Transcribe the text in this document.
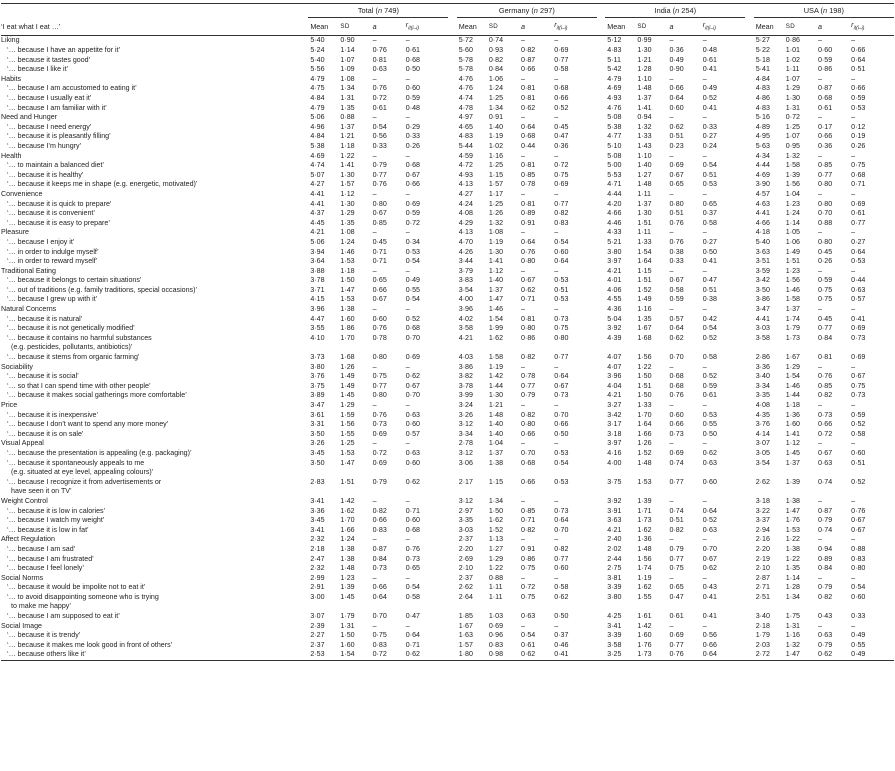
	Total (n 749)					Germany (n 297)					India (n 254)					USA (n 198)			
‘I eat what I eat …’	Mean	SD	a	$r_{it(i-i)}$		Mean	SD	a	$r_{it(i-i)}$		Mean	SD	a	$r_{it(i-i)}$		Mean	SD	a	$r_{it(i-i)}$
Liking	5·40	0·90	–	–		5·72	0·74	–	–		5·12	0·99	–	–		5·27	0·86	–	–
‘… because I have an appetite for it’	5·24	1·14	0·76	0·61		5·60	0·93	0·82	0·69		4·83	1·30	0·36	0·48		5·22	1·01	0·60	0·66
‘… because it tastes good’	5·40	1·07	0·81	0·68		5·78	0·82	0·87	0·77		5·11	1·21	0·49	0·61		5·18	1·02	0·59	0·64
‘… because I like it’	5·56	1·09	0·63	0·50		5·78	0·84	0·66	0·58		5·42	1·28	0·90	0·41		5·41	1·11	0·86	0·51
Habits	4·79	1·08	–	–		4·76	1·06	–	–		4·79	1·10	–	–		4·84	1·07	–	–
‘… because I am accustomed to eating it’	4·75	1·34	0·76	0·60		4·76	1·24	0·81	0·68		4·69	1·48	0·66	0·49		4·83	1·29	0·87	0·66
‘… because I usually eat it’	4·84	1·31	0·72	0·59		4·74	1·25	0·81	0·66		4·93	1·37	0·64	0·52		4·86	1·30	0·68	0·59
‘… because I am familiar with it’	4·79	1·35	0·61	0·48		4·78	1·34	0·62	0·52		4·76	1·41	0·60	0·41		4·83	1·31	0·61	0·53
Need and Hunger	5·06	0·88	–	–		4·97	0·91	–	–		5·08	0·94	–	–		5·16	0·72	–	–
‘… because I need energy’	4·96	1·37	0·54	0·29		4·65	1·40	0·64	0·45		5·38	1·32	0·62	0·33		4·89	1·25	0·17	0·12
‘… because it is pleasantly filling’	4·84	1·21	0·56	0·33		4·83	1·19	0·68	0·47		4·77	1·33	0·51	0·27		4·95	1·07	0·66	0·19
‘… because I’m hungry’	5·38	1·18	0·33	0·26		5·44	1·02	0·44	0·36		5·10	1·43	0·23	0·24		5·63	0·95	0·36	0·26
Health	4·69	1·22	–	–		4·59	1·16	–	–		5·08	1·10	–	–		4·34	1·32	–	–
‘… to maintain a balanced diet’	4·74	1·41	0·79	0·68		4·72	1·25	0·81	0·72		5·00	1·40	0·69	0·54		4·44	1·58	0·85	0·75
‘… because it is healthy’	5·07	1·30	0·77	0·67		4·93	1·15	0·85	0·75		5·53	1·27	0·67	0·51		4·69	1·39	0·77	0·68
‘… because it keeps me in shape (e.g. energetic, motivated)’	4·27	1·57	0·76	0·66		4·13	1·57	0·78	0·69		4·71	1·48	0·65	0·53		3·90	1·56	0·80	0·71
Convenience	4·41	1·12	–	–		4·27	1·17	–	–		4·44	1·11	–	–		4·57	1·04	–	–
‘… because it is quick to prepare’	4·41	1·30	0·80	0·69		4·24	1·25	0·81	0·77		4·20	1·37	0·80	0·65		4·63	1·23	0·80	0·69
‘… because it is convenient’	4·37	1·29	0·67	0·59		4·08	1·26	0·89	0·82		4·66	1·30	0·51	0·37		4·41	1·24	0·70	0·61
‘… because it is easy to prepare’	4·45	1·35	0·85	0·72		4·29	1·32	0·91	0·83		4·46	1·51	0·76	0·58		4·66	1·14	0·88	0·77
Pleasure	4·21	1·08	–	–		4·13	1·08	–	–		4·33	1·11	–	–		4·18	1·05	–	–
‘… because I enjoy it’	5·06	1·24	0·45	0·34		4·70	1·19	0·64	0·54		5·21	1·33	0·76	0·27		5·40	1·06	0·80	0·27
‘… in order to indulge myself’	3·94	1·46	0·71	0·53		4·26	1·30	0·76	0·60		3·80	1·54	0·38	0·50		3·63	1·49	0·45	0·64
‘… in order to reward myself’	3·64	1·53	0·71	0·54		3·44	1·41	0·80	0·64		3·97	1·64	0·33	0·41		3·51	1·51	0·26	0·53
Traditional Eating	3·88	1·18	–	–		3·79	1·12	–	–		4·21	1·15	–	–		3·59	1·23	–	–
‘… because it belongs to certain situations’	3·78	1·50	0·65	0·49		3·83	1·40	0·67	0·53		4·01	1·51	0·67	0·47		3·42	1·56	0·59	0·44
‘… out of traditions (e.g. family traditions, special occasions)’	3·71	1·47	0·66	0·55		3·54	1·37	0·62	0·51		4·06	1·52	0·58	0·51		3·50	1·46	0·75	0·63
‘… because I grew up with it’	4·15	1·53	0·67	0·54		4·00	1·47	0·71	0·53		4·55	1·49	0·59	0·38		3·86	1·58	0·75	0·57
Natural Concerns	3·96	1·38	–	–		3·96	1·46	–	–		4·36	1·16	–	–		3·47	1·37	–	–
‘… because it is natural’	4·47	1·60	0·60	0·52		4·02	1·54	0·81	0·73		5·04	1·35	0·57	0·42		4·41	1·74	0·45	0·41
‘… because it is not genetically modified’	3·55	1·86	0·76	0·68		3·58	1·99	0·80	0·75		3·92	1·67	0·64	0·54		3·03	1·79	0·77	0·69
‘… because it contains no harmful substances	4·10	1·70	0·78	0·70		4·21	1·62	0·86	0·80		4·39	1·68	0·62	0·52		3·58	1·73	0·84	0·73
(e.g. pesticides, pollutants, antibiotics)’																			
‘… because it stems from organic farming’	3·73	1·68	0·80	0·69		4·03	1·58	0·82	0·77		4·07	1·56	0·70	0·58		2·86	1·67	0·81	0·69
Sociability	3·80	1·26	–	–		3·86	1·19	–	–		4·07	1·22	–	–		3·36	1·29	–	–
‘… because it is social’	3·76	1·49	0·75	0·62		3·82	1·42	0·78	0·64		3·96	1·50	0·68	0·52		3·40	1·54	0·76	0·67
‘… so that I can spend time with other people’	3·75	1·49	0·77	0·67		3·78	1·44	0·77	0·67		4·04	1·51	0·68	0·59		3·34	1·46	0·85	0·75
‘… because it makes social gatherings more comfortable’	3·89	1·45	0·80	0·70		3·99	1·30	0·79	0·73		4·21	1·50	0·76	0·61		3·35	1·44	0·82	0·73
Price	3·47	1·29	–	–		3·24	1·21	–	–		3·27	1·33	–	–		4·08	1·18	–	–
‘… because it is inexpensive’	3·61	1·59	0·76	0·63		3·26	1·48	0·82	0·70		3·42	1·70	0·60	0·53		4·35	1·36	0·73	0·59
‘… because I don’t want to spend any more money’	3·31	1·56	0·73	0·60		3·12	1·40	0·80	0·66		3·17	1·64	0·66	0·55		3·76	1·60	0·66	0·52
‘… because it is on sale’	3·50	1·55	0·69	0·57		3·34	1·40	0·66	0·50		3·18	1·66	0·73	0·50		4·14	1·41	0·72	0·58
Visual Appeal	3·26	1·25	–	–		2·78	1·04	–	–		3·97	1·26	–	–		3·07	1·12	–	–
‘… because the presentation is appealing (e.g. packaging)’	3·45	1·53	0·72	0·63		3·12	1·37	0·70	0·53		4·16	1·52	0·69	0·62		3·05	1·45	0·67	0·60
‘… because it spontaneously appeals to me	3·50	1·47	0·69	0·60		3·06	1·38	0·68	0·54		4·00	1·48	0·74	0·63		3·54	1·37	0·63	0·51
(e.g. situated at eye level, appealing colours)’																			
‘… because I recognize it from advertisements or	2·83	1·51	0·79	0·62		2·17	1·15	0·66	0·53		3·75	1·53	0·77	0·60		2·62	1·39	0·74	0·52
have seen it on TV’																			
Weight Control	3·41	1·42	–	–		3·12	1·34	–	–		3·92	1·39	–	–		3·18	1·38	–	–
‘… because it is low in calories’	3·36	1·62	0·82	0·71		2·97	1·50	0·85	0·73		3·91	1·71	0·74	0·64		3·22	1·47	0·87	0·76
‘… because I watch my weight’	3·45	1·70	0·66	0·60		3·35	1·62	0·71	0·64		3·63	1·73	0·51	0·52		3·37	1·76	0·79	0·67
‘… because it is low in fat’	3·41	1·66	0·83	0·68		3·03	1·52	0·82	0·70		4·21	1·62	0·82	0·63		2·94	1·53	0·74	0·67
Affect Regulation	2·32	1·24	–	–		2·37	1·13	–	–		2·40	1·36	–	–		2·16	1·22	–	–
‘… because I am sad’	2·18	1·38	0·87	0·76		2·20	1·27	0·91	0·82		2·02	1·48	0·79	0·70		2·20	1·38	0·94	0·88
‘… because I am frustrated’	2·47	1·38	0·84	0·73		2·69	1·29	0·86	0·77		2·44	1·56	0·77	0·67		2·19	1·22	0·89	0·83
‘… because I feel lonely’	2·32	1·48	0·73	0·65		2·10	1·22	0·75	0·60		2·75	1·74	0·75	0·62		2·10	1·35	0·84	0·80
Social Norms	2·99	1·23	–	–		2·37	0·88	–	–		3·81	1·19	–	–		2·87	1·14	–	–
‘… because it would be impolite not to eat it’	2·91	1·39	0·66	0·54		2·62	1·11	0·72	0·58		3·39	1·62	0·65	0·43		2·71	1·28	0·79	0·54
‘… to avoid disappointing someone who is trying	3·00	1·45	0·64	0·58		2·64	1·11	0·75	0·62		3·80	1·55	0·47	0·41		2·51	1·34	0·82	0·60
to make me happy’																			
‘… because I am supposed to eat it’	3·07	1·79	0·70	0·47		1·85	1·03	0·63	0·50		4·25	1·61	0·61	0·41		3·40	1·75	0·43	0·33
Social Image	2·39	1·31	–	–		1·67	0·69	–	–		3·41	1·42	–	–		2·18	1·31	–	–
‘… because it is trendy’	2·27	1·50	0·75	0·64		1·63	0·96	0·54	0·37		3·39	1·60	0·69	0·56		1·79	1·16	0·63	0·49
‘… because it makes me look good in front of others’	2·37	1·60	0·83	0·71		1·57	0·83	0·61	0·46		3·58	1·76	0·77	0·66		2·03	1·32	0·79	0·55
‘… because others like it’	2·53	1·54	0·72	0·62		1·80	0·98	0·62	0·41		3·25	1·73	0·76	0·64		2·72	1·47	0·62	0·49
